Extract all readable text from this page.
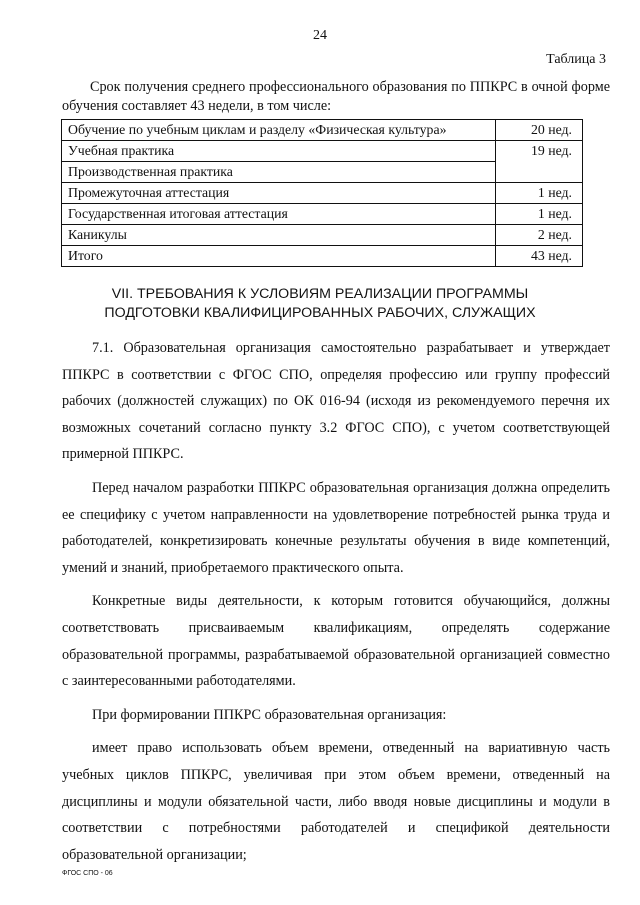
24
Таблица 3
Срок получения среднего профессионального образования по ППКРС в очной форме обучения составляет 43 недели, в том числе:
Обучение по учебным циклам и разделу «Физическая культура»	20 нед.
Учебная практика	19 нед.
Производственная практика	
Промежуточная аттестация	1 нед.
Государственная итоговая аттестация	1 нед.
Каникулы	2 нед.
Итого	43 нед.
VII. ТРЕБОВАНИЯ К УСЛОВИЯМ РЕАЛИЗАЦИИ ПРОГРАММЫ
ПОДГОТОВКИ КВАЛИФИЦИРОВАННЫХ РАБОЧИХ, СЛУЖАЩИХ

7.1. Образовательная организация самостоятельно разрабатывает и утверждает ППКРС в соответствии с ФГОС СПО, определяя профессию или группу профессий рабочих (должностей служащих) по ОК 016-94 (исходя из рекомендуемого перечня их возможных сочетаний согласно пункту 3.2 ФГОС СПО), с учетом соответствующей примерной ППКРС.

Перед началом разработки ППКРС образовательная организация должна определить ее специфику с учетом направленности на удовлетворение потребностей рынка труда и работодателей, конкретизировать конечные результаты обучения в виде компетенций, умений и знаний, приобретаемого практического опыта.

Конкретные виды деятельности, к которым готовится обучающийся, должны соответствовать присваиваемым квалификациям, определять содержание образовательной программы, разрабатываемой образовательной организацией совместно с заинтересованными работодателями.

При формировании ППКРС образовательная организация:

имеет право использовать объем времени, отведенный на вариативную часть учебных циклов ППКРС, увеличивая при этом объем времени, отведенный на дисциплины и модули обязательной части, либо вводя новые дисциплины и модули в соответствии с потребностями работодателей и спецификой деятельности образовательной организации;

ФГОС СПО - 06
